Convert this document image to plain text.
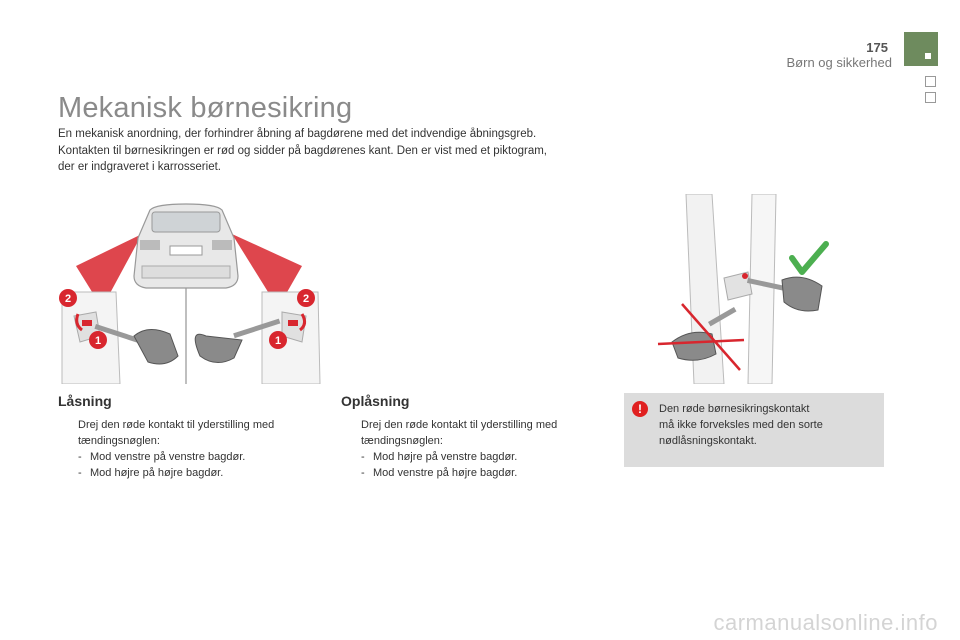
175
Børn og sikkerhed
Mekanisk børnesikring
En mekanisk anordning, der forhindrer åbning af bagdørene med det indvendige åbningsgreb.
Kontakten til børnesikringen er rød og sidder på bagdørenes kant. Den er vist med et piktogram,
der er indgraveret i karrosseriet.
2
1
2
1
Låsning
Drej den røde kontakt til yderstilling med
tændingsnøglen:
- Mod venstre på venstre bagdør.
- Mod højre på højre bagdør.
Oplåsning
Drej den røde kontakt til yderstilling med
tændingsnøglen:
- Mod højre på venstre bagdør.
- Mod venstre på højre bagdør.
!	Den røde børnesikringskontakt
må ikke forveksles med den sorte
nødlåsningskontakt.
carmanualsonline.info
